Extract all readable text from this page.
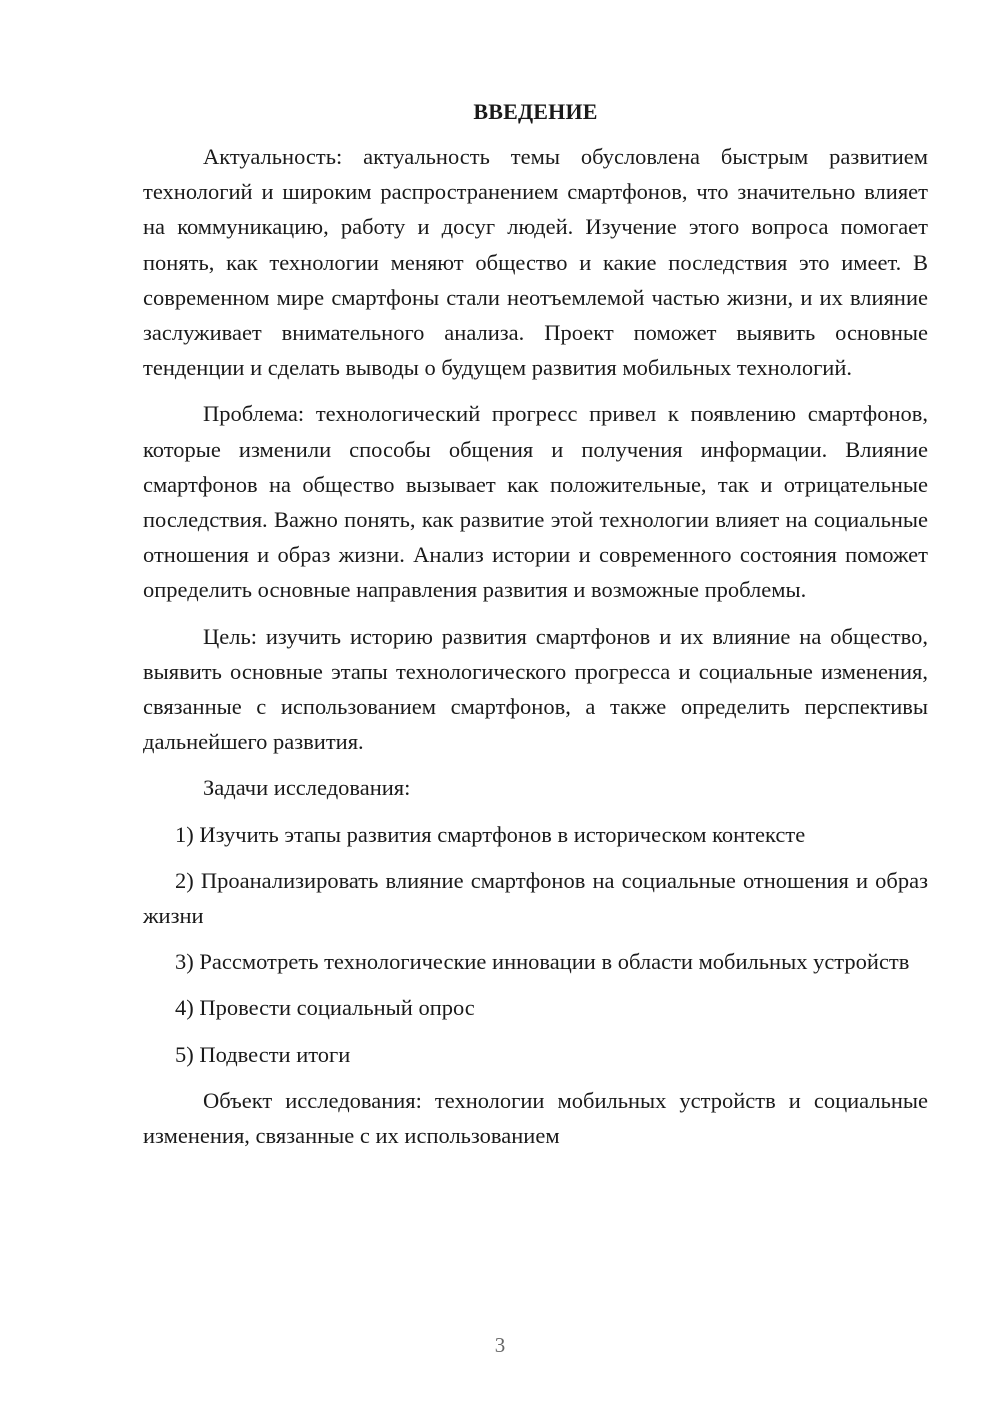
ВВЕДЕНИЕ

Актуальность: актуальность темы обусловлена быстрым развитием технологий и широким распространением смартфонов, что значительно влияет на коммуникацию, работу и досуг людей. Изучение этого вопроса помогает понять, как технологии меняют общество и какие последствия это имеет. В современном мире смартфоны стали неотъемлемой частью жизни, и их влияние заслуживает внимательного анализа. Проект поможет выявить основные тенденции и сделать выводы о будущем развития мобильных технологий.

Проблема: технологический прогресс привел к появлению смартфонов, которые изменили способы общения и получения информации. Влияние смартфонов на общество вызывает как положительные, так и отрицательные последствия. Важно понять, как развитие этой технологии влияет на социальные отношения и образ жизни. Анализ истории и современного состояния поможет определить основные направления развития и возможные проблемы.

Цель: изучить историю развития смартфонов и их влияние на общество, выявить основные этапы технологического прогресса и социальные изменения, связанные с использованием смартфонов, а также определить перспективы дальнейшего развития.

Задачи исследования:

1) Изучить этапы развития смартфонов в историческом контексте

2) Проанализировать влияние смартфонов на социальные отношения и образ жизни

3) Рассмотреть технологические инновации в области мобильных устройств

4) Провести социальный опрос

5) Подвести итоги

Объект исследования: технологии мобильных устройств и социальные изменения, связанные с их использованием

3
